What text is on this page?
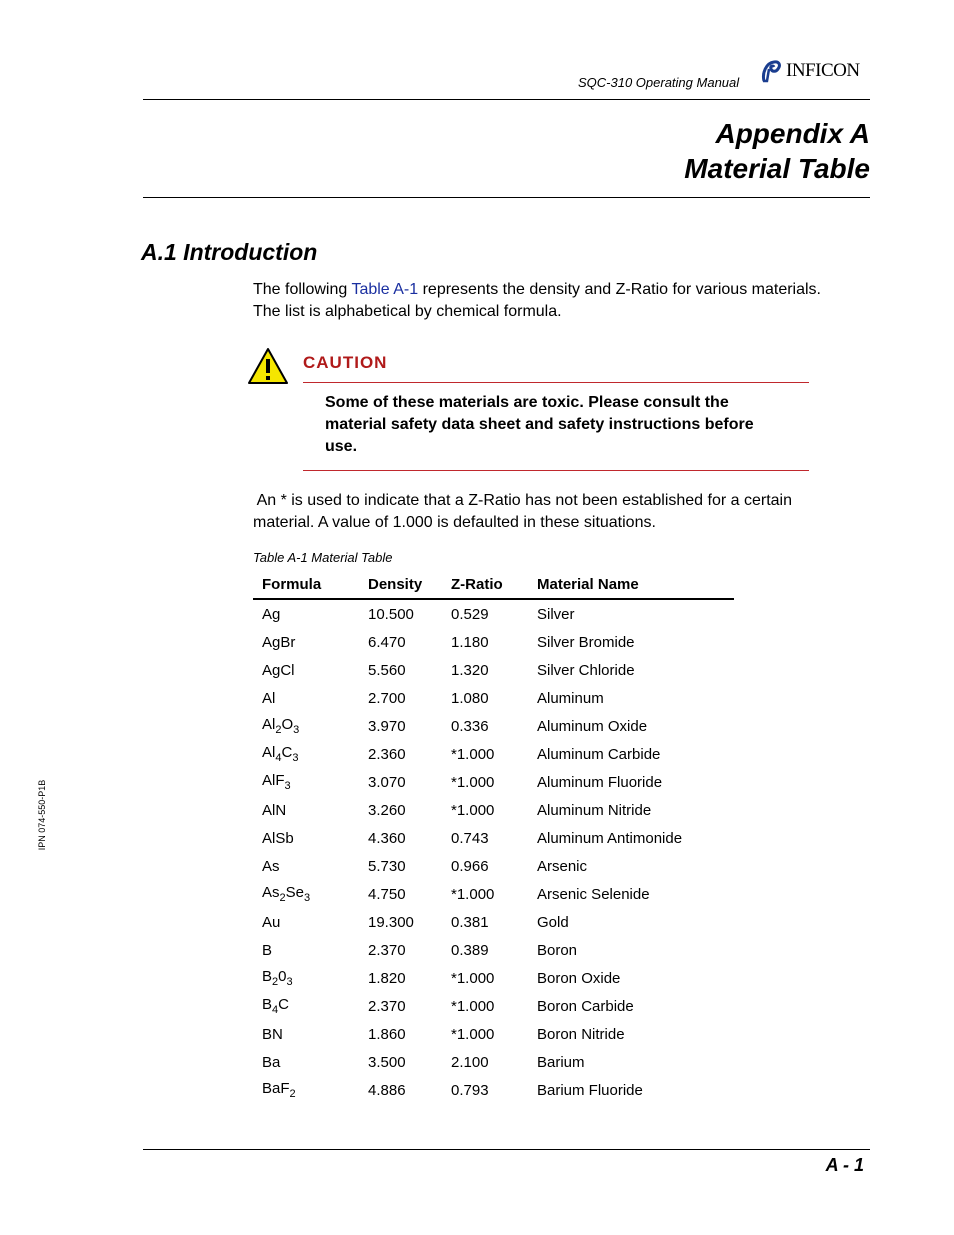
SQC-310 Operating Manual
INFICON
Appendix A
Material Table
A.1 Introduction
The following Table A-1 represents the density and Z-Ratio for various materials.
The list is alphabetical by chemical formula.
CAUTION
Some of these materials are toxic. Please consult the
material safety data sheet and safety instructions before
use.
An * is used to indicate that a Z-Ratio has not been established for a certain
material. A value of 1.000 is defaulted in these situations.
Table A-1 Material Table
Formula	Density	Z-Ratio	Material Name
Ag	10.500	0.529	Silver
AgBr	6.470	1.180	Silver Bromide
AgCl	5.560	1.320	Silver Chloride
Al	2.700	1.080	Aluminum
$Al_2O_3$	3.970	0.336	Aluminum Oxide
$Al_4C_3$	2.360	*1.000	Aluminum Carbide
AlF$_3$	3.070	*1.000	Aluminum Fluoride
AlN	3.260	*1.000	Aluminum Nitride
AlSb	4.360	0.743	Aluminum Antimonide
As	5.730	0.966	Arsenic
$As_2Se_3$	4.750	*1.000	Arsenic Selenide
Au	19.300	0.381	Gold
B	2.370	0.389	Boron
$B_20_3$	1.820	*1.000	Boron Oxide
$B_4C$	2.370	*1.000	Boron Carbide
BN	1.860	*1.000	Boron Nitride
Ba	3.500	2.100	Barium
BaF$_2$	4.886	0.793	Barium Fluoride
IPN 074-550-P1B
A - 1
